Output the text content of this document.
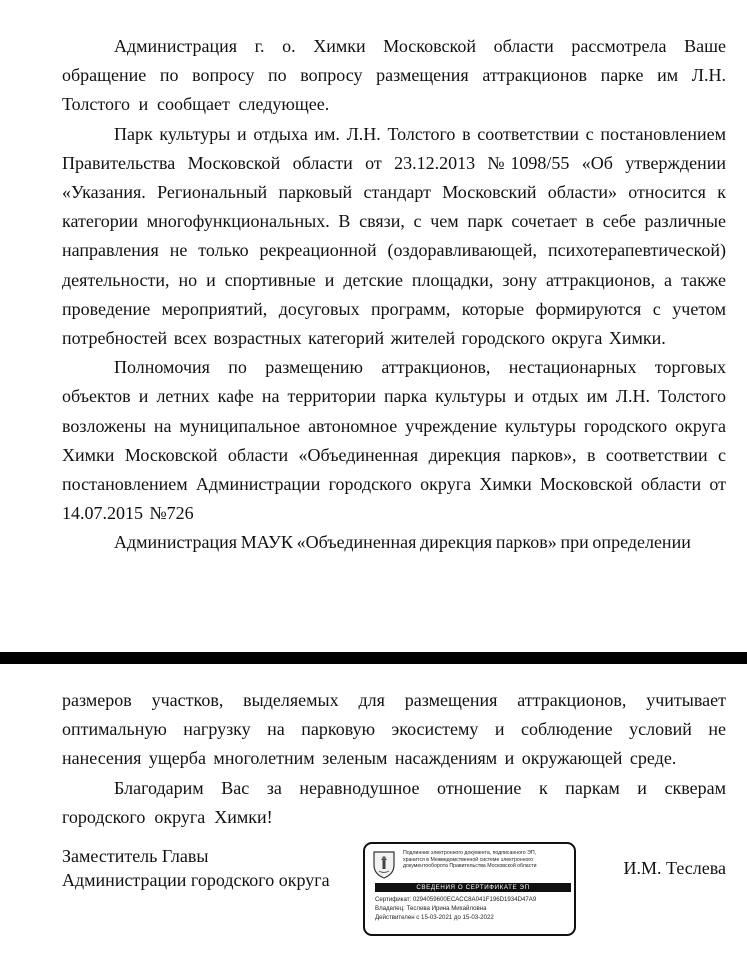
Администрация г. о. Химки Московской области рассмотрела Ваше обращение по вопросу по вопросу размещения аттракционов парке им Л.Н. Толстого и сообщает следующее.

Парк культуры и отдыха им. Л.Н. Толстого в соответствии с постановлением Правительства Московской области от 23.12.2013 №1098/55 «Об утверждении «Указания. Региональный парковый стандарт Московский области» относится к категории многофункциональных. В связи, с чем парк сочетает в себе различные направления не только рекреационной (оздоравливающей, психотерапевтической) деятельности, но и спортивные и детские площадки, зону аттракционов, а также проведение мероприятий, досуговых программ, которые формируются с учетом потребностей всех возрастных категорий жителей городского округа Химки.

Полномочия по размещению аттракционов, нестационарных торговых объектов и летних кафе на территории парка культуры и отдых им Л.Н. Толстого возложены на муниципальное автономное учреждение культуры городского округа Химки Московской области «Объединенная дирекция парков», в соответствии с постановлением Администрации городского округа Химки Московской области от 14.07.2015 №726

Администрация МАУК «Объединенная дирекция парков» при определении

размеров участков, выделяемых для размещения аттракционов, учитывает оптимальную нагрузку на парковую экосистему и соблюдение условий не нанесения ущерба многолетним зеленым насаждениям и окружающей среде.

Благодарим Вас за неравнодушное отношение к паркам и скверам городского округа Химки!

Заместитель Главы
Администрации городского округа
Подлинник электронного документа, подписанного ЭП,
хранится в Межведомственной системе электронного
документооборота Правительства Московской области
СВЕДЕНИЯ О СЕРТИФИКАТЕ ЭП
Сертификат: 0294059600ECACC8A041F196D1934D47A9
Владелец: Теслева Ирина Михайловна
Действителен с 15-03-2021 до 15-03-2022
И.М. Теслева
